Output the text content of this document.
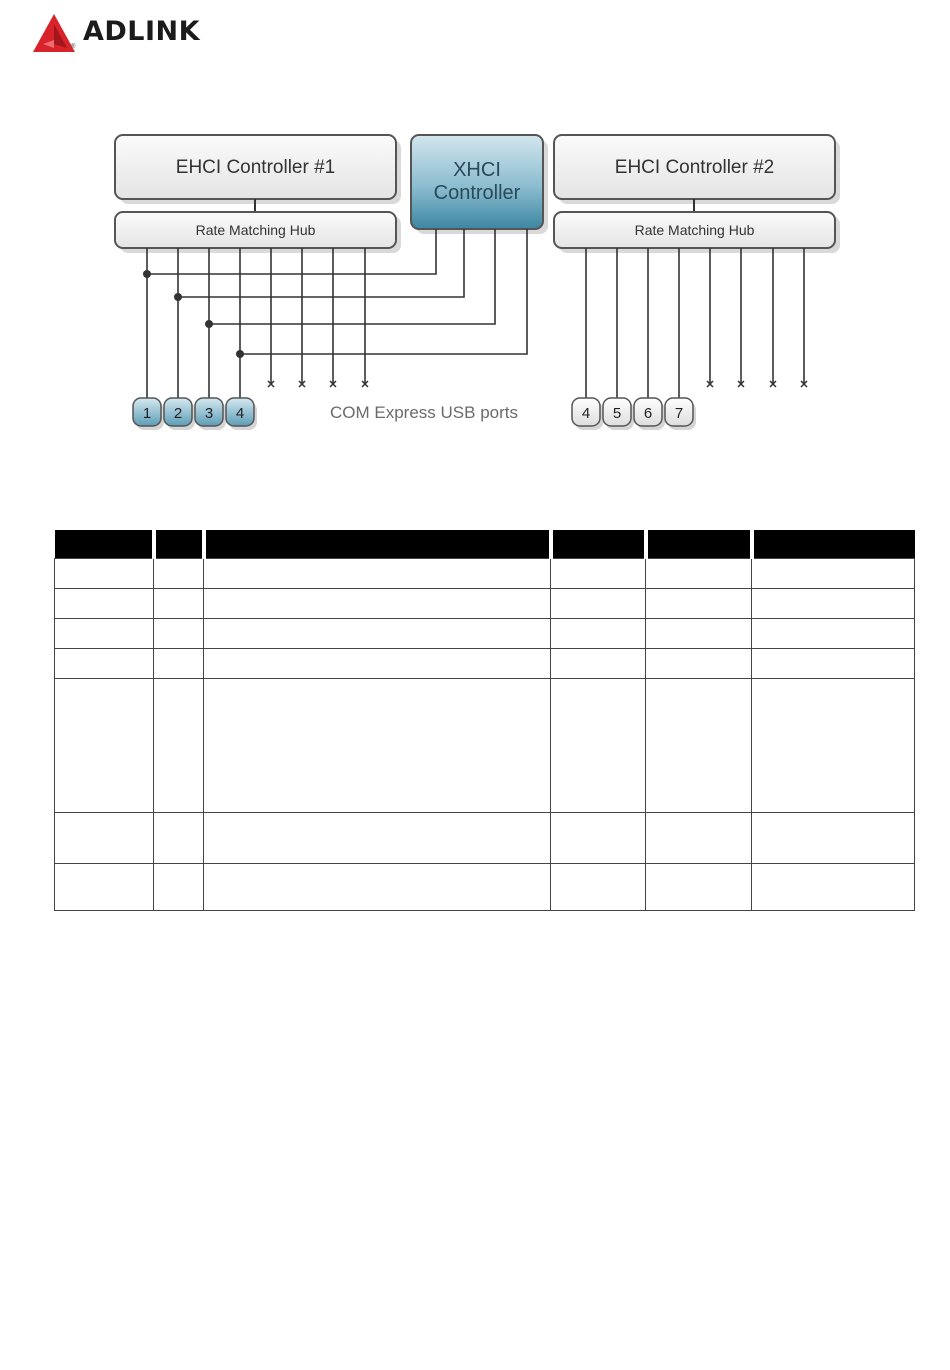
® ADLINK
EHCI Controller #1
Rate Matching Hub
XHCI
Controller
EHCI Controller #2
Rate Matching Hub
1 2 3 4	COM Express USB ports	4 5 6 7
